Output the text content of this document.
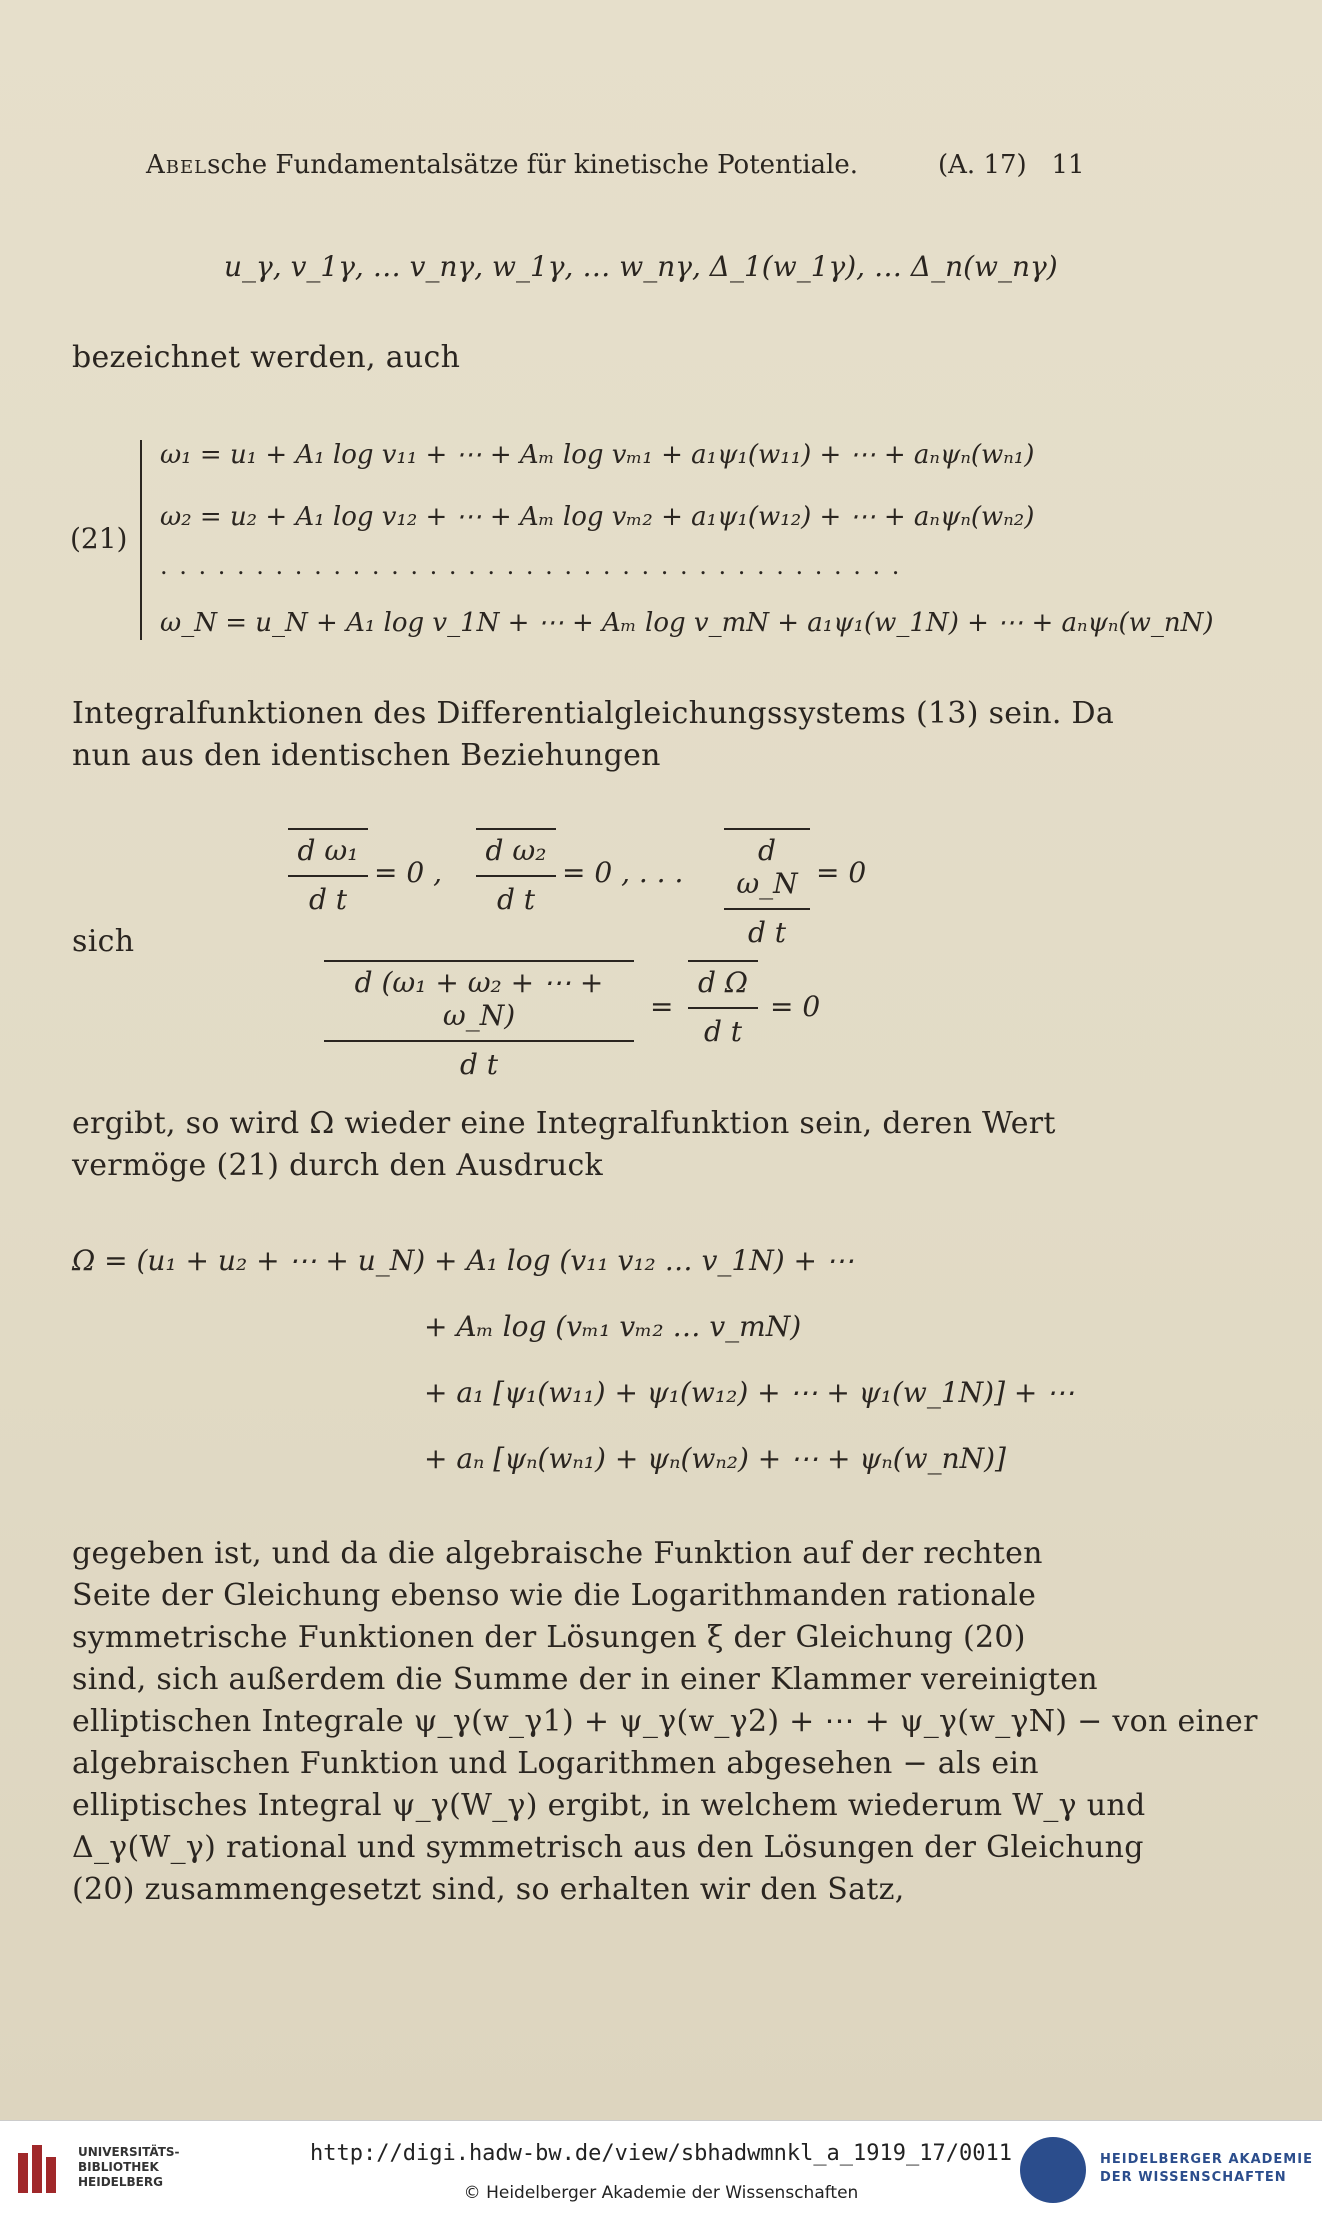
Abelsche Fundamentalsätze für kinetische Potentiale.	(A. 17) 11
u_γ, v_1γ, … v_nγ, w_1γ, … w_nγ, Δ_1(w_1γ), … Δ_n(w_nγ)
bezeichnet werden, auch
(21)
ω₁ = u₁ + A₁ log v₁₁ + ⋯ + Aₘ log vₘ₁ + a₁ψ₁(w₁₁) + ⋯ + aₙψₙ(wₙ₁)
ω₂ = u₂ + A₁ log v₁₂ + ⋯ + Aₘ log vₘ₂ + a₁ψ₁(w₁₂) + ⋯ + aₙψₙ(wₙ₂)
. . . . . . . . . . . . . . . . . . . . . . . . . . . . . . . . . . . . . . .
ω_N = u_N + A₁ log v_1N + ⋯ + Aₘ log v_mN + a₁ψ₁(w_1N) + ⋯ + aₙψₙ(w_nN)
Integralfunktionen des Differentialgleichungssystems (13) sein. Da
nun aus den identischen Beziehungen
$\frac{\text{d ω₁}}{\text{d t}} = 0$ , $\frac{\text{d ω₂}}{\text{d t}} = 0$ , . . . $\frac{\text{d ω\_N}}{\text{d t}} = 0$
sich
$\frac{\text{d (ω₁ + ω₂ + ⋯ + ω\_N)}}{\text{d t}} = \frac{\text{d Ω}}{\text{d t}} = 0$
ergibt, so wird Ω wieder eine Integralfunktion sein, deren Wert
vermöge (21) durch den Ausdruck
Ω = (u₁ + u₂ + ⋯ + u_N) + A₁ log (v₁₁ v₁₂ … v_1N) + ⋯
+ Aₘ log (vₘ₁ vₘ₂ … v_mN)
+ a₁ [ψ₁(w₁₁) + ψ₁(w₁₂) + ⋯ + ψ₁(w_1N)] + ⋯
+ aₙ [ψₙ(wₙ₁) + ψₙ(wₙ₂) + ⋯ + ψₙ(w_nN)]
gegeben ist, und da die algebraische Funktion auf der rechten
Seite der Gleichung ebenso wie die Logarithmanden rationale
symmetrische Funktionen der Lösungen ξ der Gleichung (20)
sind, sich außerdem die Summe der in einer Klammer vereinigten
elliptischen Integrale ψ_γ(w_γ1) + ψ_γ(w_γ2) + ⋯ + ψ_γ(w_γN) − von einer
algebraischen Funktion und Logarithmen abgesehen − als ein
elliptisches Integral ψ_γ(W_γ) ergibt, in welchem wiederum W_γ und
Δ_γ(W_γ) rational und symmetrisch aus den Lösungen der Gleichung
(20) zusammengesetzt sind, so erhalten wir den Satz,
UNIVERSITÄTS-
BIBLIOTHEK
HEIDELBERG
http://digi.hadw-bw.de/view/sbhadwmnkl_a_1919_17/0011
© Heidelberger Akademie der Wissenschaften
HEIDELBERGER AKADEMIE
DER WISSENSCHAFTEN
